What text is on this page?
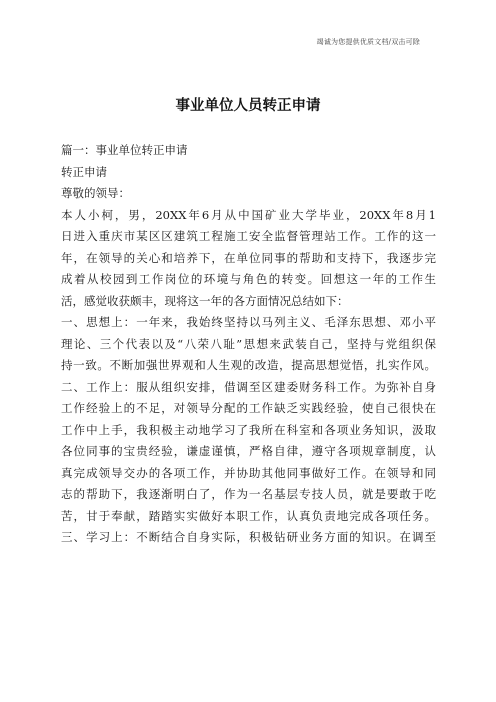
竭诚为您提供优质文档/双击可除
事业单位人员转正申请
篇一：事业单位转正申请
转正申请
尊敬的领导：
本人小柯，男，20XX年6月从中国矿业大学毕业，20XX年8月1
日进入重庆市某区区建筑工程施工安全监督管理站工作。工作的这一
年，在领导的关心和培养下，在单位同事的帮助和支持下，我逐步完
成着从校园到工作岗位的环境与角色的转变。回想这一年的工作生
活，感觉收获颇丰，现将这一年的各方面情况总结如下：
一、思想上：一年来，我始终坚持以马列主义、毛泽东思想、邓小平
理论、三个代表以及“八荣八耻”思想来武装自己，坚持与党组织保
持一致。不断加强世界观和人生观的改造，提高思想觉悟，扎实作风。
二、工作上：服从组织安排，借调至区建委财务科工作。为弥补自身
工作经验上的不足，对领导分配的工作缺乏实践经验，使自己很快在
工作中上手，我积极主动地学习了我所在科室和各项业务知识，汲取
各位同事的宝贵经验，谦虚谨慎，严格自律，遵守各项规章制度，认
真完成领导交办的各项工作，并协助其他同事做好工作。在领导和同
志的帮助下，我逐渐明白了，作为一名基层专技人员，就是要敢于吃
苦，甘于奉献，踏踏实实做好本职工作，认真负责地完成各项任务。
三、学习上：不断结合自身实际，积极钻研业务方面的知识。在调至
